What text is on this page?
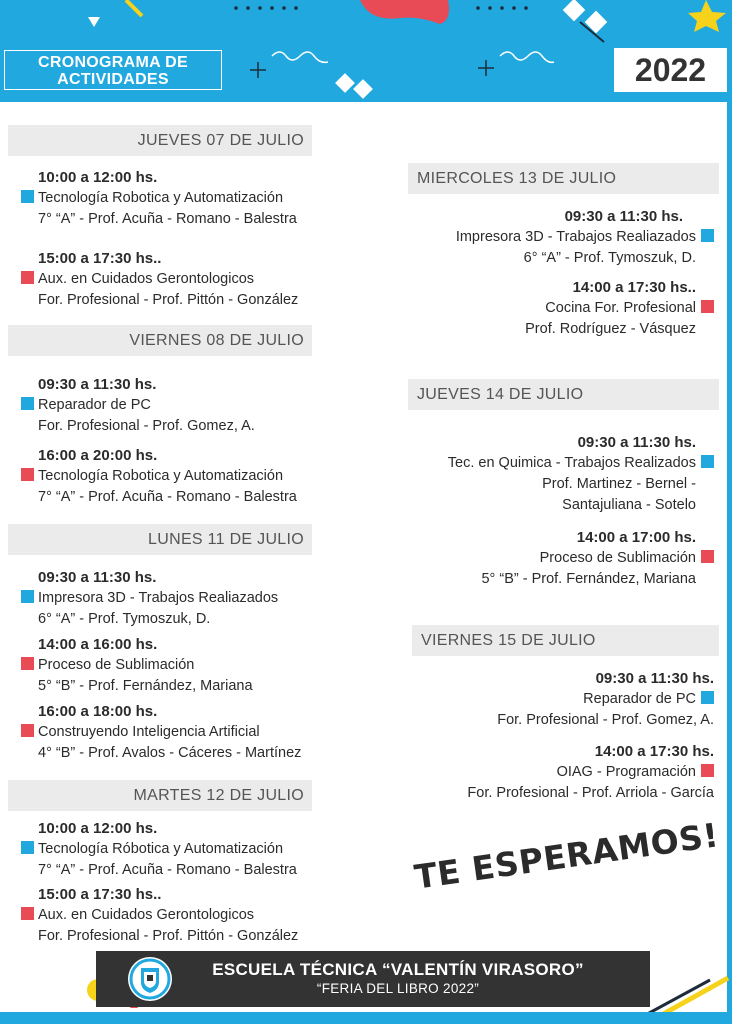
CRONOGRAMA DE
ACTIVIDADES	2022
JUEVES 07 DE JULIO
10:00 a 12:00 hs.
Tecnología Robotica y Automatización
7° “A” - Prof. Acuña - Romano - Balestra
15:00 a 17:30 hs..
Aux. en Cuidados Gerontologicos
For. Profesional - Prof. Pittón - González
VIERNES 08 DE JULIO
09:30 a 11:30 hs.
Reparador de PC
For. Profesional - Prof. Gomez, A.
16:00 a 20:00 hs.
Tecnología Robotica y Automatización
7° “A” - Prof. Acuña - Romano - Balestra
LUNES 11 DE JULIO
09:30 a 11:30 hs.
Impresora 3D - Trabajos Realiazados
6° “A” - Prof. Tymoszuk, D.
14:00 a 16:00 hs.
Proceso de Sublimación
5° “B” - Prof. Fernández, Mariana
16:00 a 18:00 hs.
Construyendo Inteligencia Artificial
4° “B” - Prof. Avalos - Cáceres - Martínez
MARTES 12 DE JULIO
10:00 a 12:00 hs.
Tecnología Róbotica y Automatización
7° “A” - Prof. Acuña - Romano - Balestra
15:00 a 17:30 hs..
Aux. en Cuidados Gerontologicos
For. Profesional - Prof. Pittón - González
MIERCOLES 13 DE JULIO
09:30 a 11:30 hs.
Impresora 3D - Trabajos Realiazados
6° “A” - Prof. Tymoszuk, D.
14:00 a 17:30 hs..
Cocina For. Profesional
Prof. Rodríguez - Vásquez
JUEVES 14 DE JULIO
09:30 a 11:30 hs.
Tec. en Quimica - Trabajos Realizados
Prof. Martinez - Bernel -
Santajuliana - Sotelo
14:00 a 17:00 hs.
Proceso de Sublimación
5° “B” - Prof. Fernández, Mariana
VIERNES 15 DE JULIO
09:30 a 11:30 hs.
Reparador de PC
For. Profesional - Prof. Gomez, A.
14:00 a 17:30 hs.
OIAG - Programación
For. Profesional - Prof. Arriola - García
TE ESPERAMOS!
ESCUELA TÉCNICA “VALENTÍN VIRASORO”
“FERIA DEL LIBRO 2022”
